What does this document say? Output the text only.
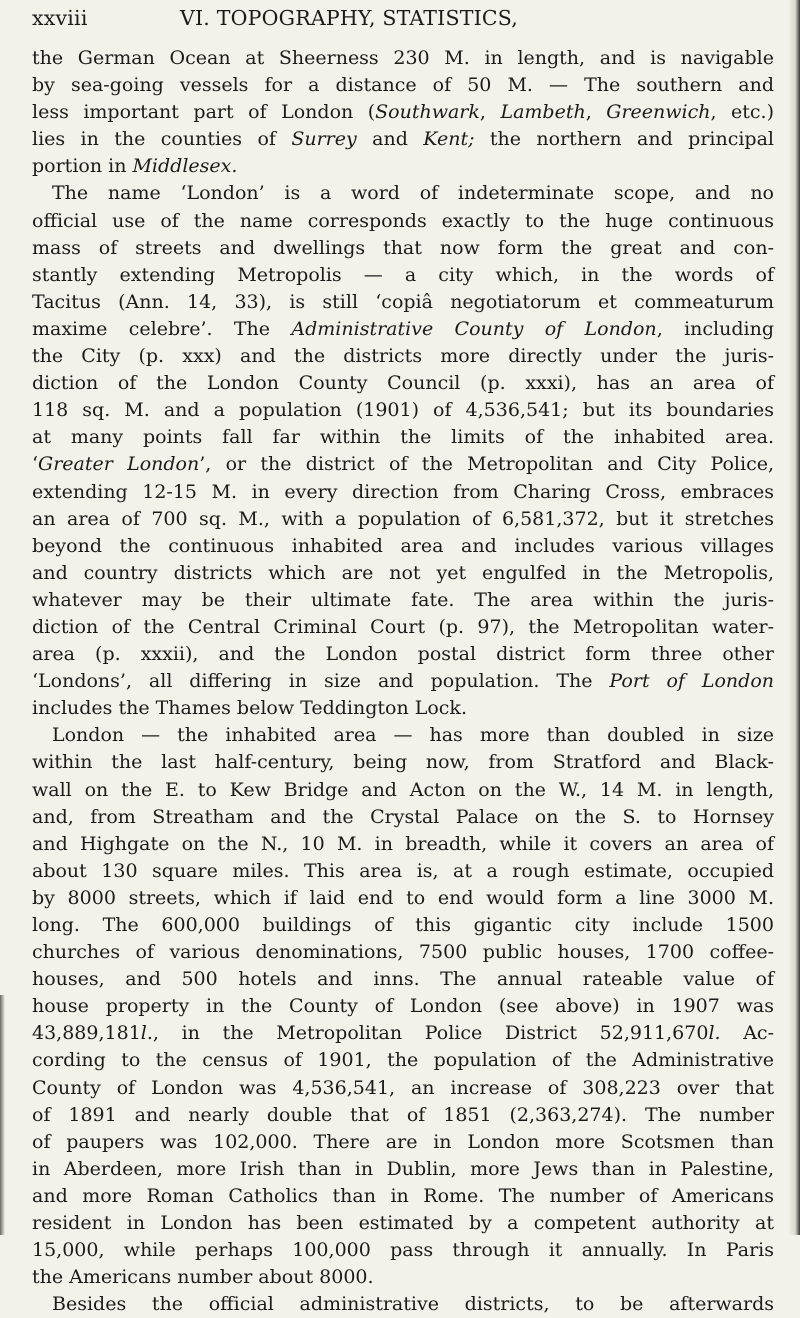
xxviii	VI. TOPOGRAPHY, STATISTICS,
the German Ocean at Sheerness 230 M. in length, and is navigable
by sea-going vessels for a distance of 50 M. — The southern and
less important part of London (Southwark, Lambeth, Greenwich, etc.)
lies in the counties of Surrey and Kent; the northern and principal
portion in Middlesex.
The name ‘London’ is a word of indeterminate scope, and no
official use of the name corresponds exactly to the huge continuous
mass of streets and dwellings that now form the great and con-
stantly extending Metropolis — a city which, in the words of
Tacitus (Ann. 14, 33), is still ‘copiâ negotiatorum et commeaturum
maxime celebre’. The Administrative County of London, including
the City (p. xxx) and the districts more directly under the juris-
diction of the London County Council (p. xxxi), has an area of
118 sq. M. and a population (1901) of 4,536,541; but its boundaries
at many points fall far within the limits of the inhabited area.
‘Greater London’, or the district of the Metropolitan and City Police,
extending 12-15 M. in every direction from Charing Cross, embraces
an area of 700 sq. M., with a population of 6,581,372, but it stretches
beyond the continuous inhabited area and includes various villages
and country districts which are not yet engulfed in the Metropolis,
whatever may be their ultimate fate. The area within the juris-
diction of the Central Criminal Court (p. 97), the Metropolitan water-
area (p. xxxii), and the London postal district form three other
‘Londons’, all differing in size and population. The Port of London
includes the Thames below Teddington Lock.
London — the inhabited area — has more than doubled in size
within the last half-century, being now, from Stratford and Black-
wall on the E. to Kew Bridge and Acton on the W., 14 M. in length,
and, from Streatham and the Crystal Palace on the S. to Hornsey
and Highgate on the N., 10 M. in breadth, while it covers an area of
about 130 square miles. This area is, at a rough estimate, occupied
by 8000 streets, which if laid end to end would form a line 3000 M.
long. The 600,000 buildings of this gigantic city include 1500
churches of various denominations, 7500 public houses, 1700 coffee-
houses, and 500 hotels and inns. The annual rateable value of
house property in the County of London (see above) in 1907 was
43,889,181l., in the Metropolitan Police District 52,911,670l. Ac-
cording to the census of 1901, the population of the Administrative
County of London was 4,536,541, an increase of 308,223 over that
of 1891 and nearly double that of 1851 (2,363,274). The number
of paupers was 102,000. There are in London more Scotsmen than
in Aberdeen, more Irish than in Dublin, more Jews than in Palestine,
and more Roman Catholics than in Rome. The number of Americans
resident in London has been estimated by a competent authority at
15,000, while perhaps 100,000 pass through it annually. In Paris
the Americans number about 8000.
Besides the official administrative districts, to be afterwards
